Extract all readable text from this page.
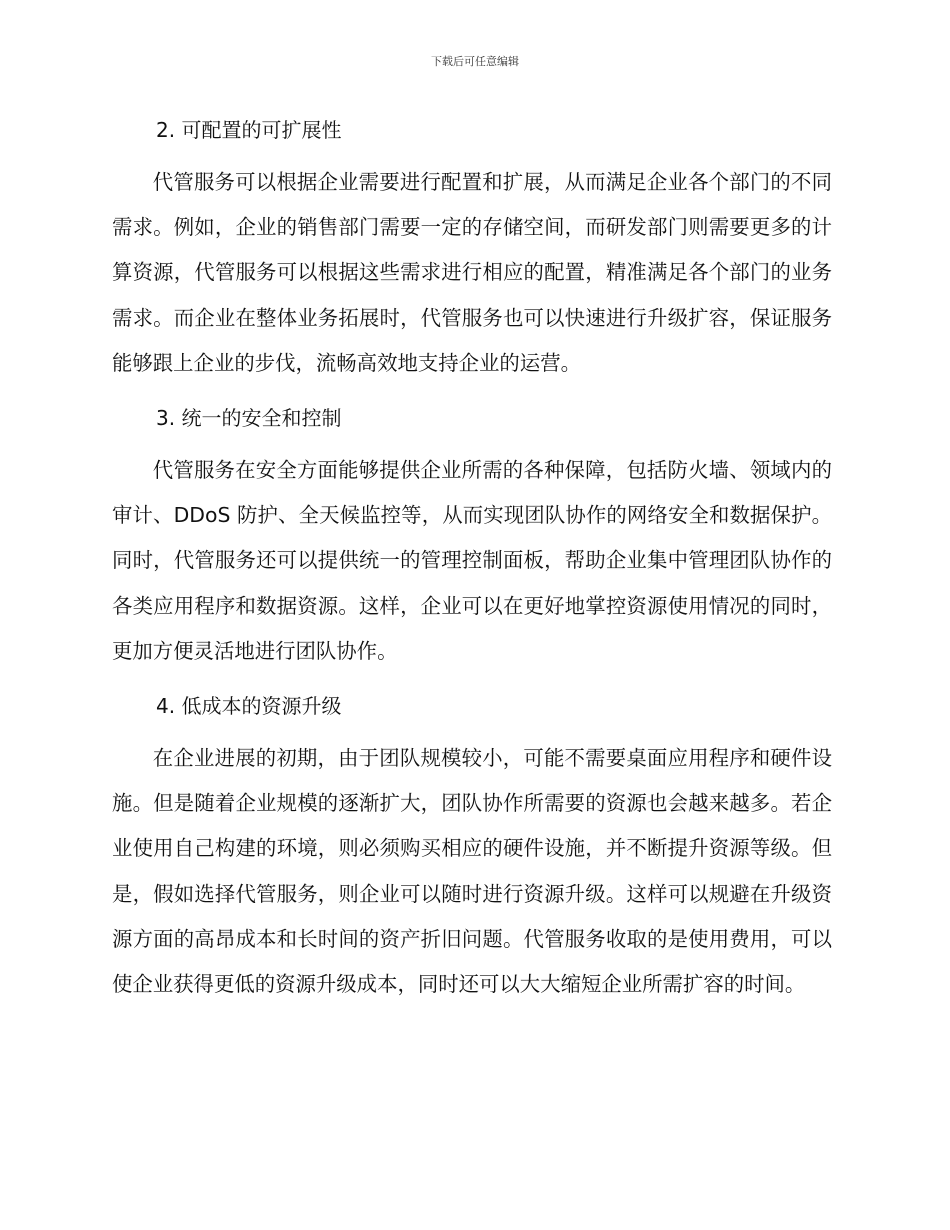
下载后可任意编辑
2. 可配置的可扩展性

代管服务可以根据企业需要进行配置和扩展，从而满足企业各个部门的不同需求。例如，企业的销售部门需要一定的存储空间，而研发部门则需要更多的计算资源，代管服务可以根据这些需求进行相应的配置，精准满足各个部门的业务需求。而企业在整体业务拓展时，代管服务也可以快速进行升级扩容，保证服务能够跟上企业的步伐，流畅高效地支持企业的运营。

3. 统一的安全和控制

代管服务在安全方面能够提供企业所需的各种保障，包括防火墙、领域内的审计、DDoS 防护、全天候监控等，从而实现团队协作的网络安全和数据保护。同时，代管服务还可以提供统一的管理控制面板，帮助企业集中管理团队协作的各类应用程序和数据资源。这样，企业可以在更好地掌控资源使用情况的同时，更加方便灵活地进行团队协作。

4. 低成本的资源升级

在企业进展的初期，由于团队规模较小，可能不需要桌面应用程序和硬件设施。但是随着企业规模的逐渐扩大，团队协作所需要的资源也会越来越多。若企业使用自己构建的环境，则必须购买相应的硬件设施，并不断提升资源等级。但是，假如选择代管服务，则企业可以随时进行资源升级。这样可以规避在升级资源方面的高昂成本和长时间的资产折旧问题。代管服务收取的是使用费用，可以使企业获得更低的资源升级成本，同时还可以大大缩短企业所需扩容的时间。
